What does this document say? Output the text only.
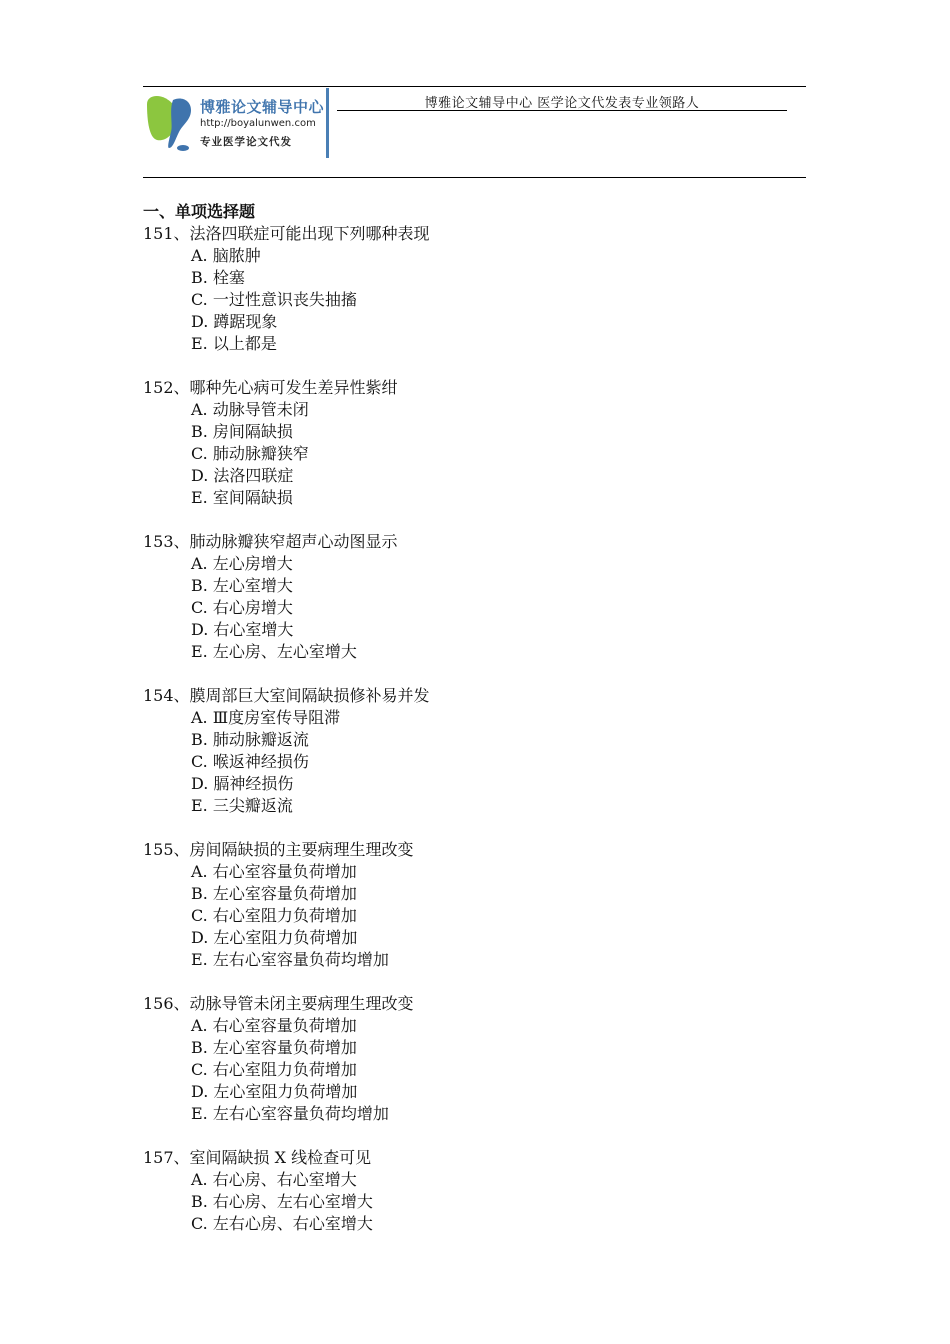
博雅论文辅导中心
http://boyalunwen.com
专业医学论文代发
博雅论文辅导中心 医学论文代发表专业领路人
一、单项选择题
151、法洛四联症可能出现下列哪种表现
A. 脑脓肿
B. 栓塞
C. 一过性意识丧失抽搐
D. 蹲踞现象
E. 以上都是
152、哪种先心病可发生差异性紫绀
A. 动脉导管未闭
B. 房间隔缺损
C. 肺动脉瓣狭窄
D. 法洛四联症
E. 室间隔缺损
153、肺动脉瓣狭窄超声心动图显示
A. 左心房增大
B. 左心室增大
C. 右心房增大
D. 右心室增大
E. 左心房、左心室增大
154、膜周部巨大室间隔缺损修补易并发
A. Ⅲ度房室传导阻滞
B. 肺动脉瓣返流
C. 喉返神经损伤
D. 膈神经损伤
E. 三尖瓣返流
155、房间隔缺损的主要病理生理改变
A. 右心室容量负荷增加
B. 左心室容量负荷增加
C. 右心室阻力负荷增加
D. 左心室阻力负荷增加
E. 左右心室容量负荷均增加
156、动脉导管未闭主要病理生理改变
A. 右心室容量负荷增加
B. 左心室容量负荷增加
C. 右心室阻力负荷增加
D. 左心室阻力负荷增加
E. 左右心室容量负荷均增加
157、室间隔缺损 X 线检查可见
A. 右心房、右心室增大
B. 右心房、左右心室增大
C. 左右心房、右心室增大
